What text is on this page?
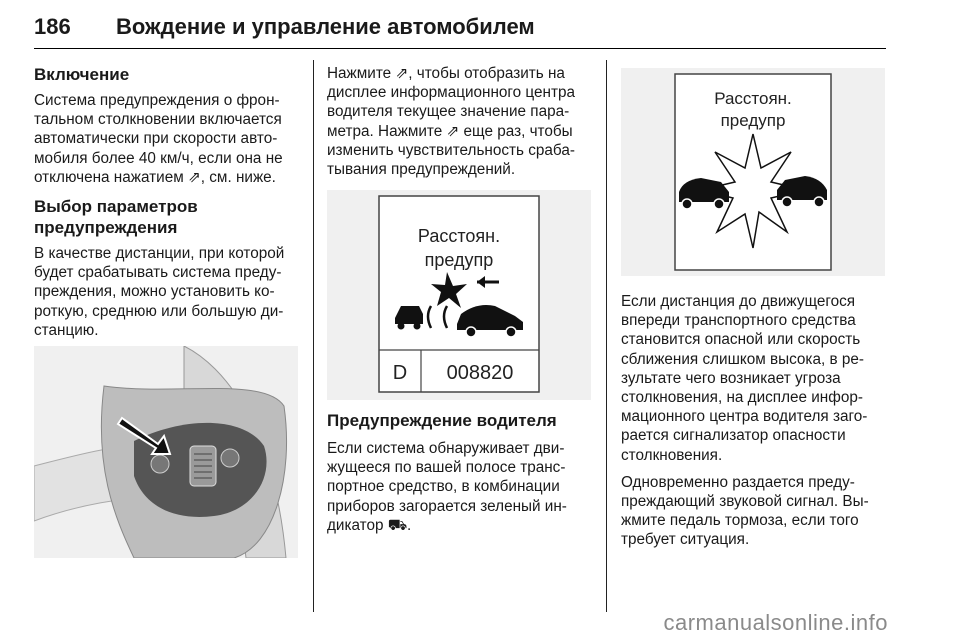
186 Вождение и управление автомобилем
Включение

Система предупреждения о фрон-
тальном столкновении включается
автоматически при скорости авто-
мобиля более 40 км/ч, если она не
отключена нажатием ⇗, см. ниже.

Выбор параметров
предупреждения

В качестве дистанции, при которой
будет срабатывать система преду-
преждения, можно установить ко-
роткую, среднюю или большую ди-
станцию.

Нажмите ⇗, чтобы отобразить на
дисплее информационного центра
водителя текущее значение пара-
метра. Нажмите ⇗ еще раз, чтобы
изменить чувствительность сраба-
тывания предупреждений.

Расстоян.
предупр
D 008820
Предупреждение водителя

Если система обнаруживает дви-
жущееся по вашей полосе транс-
портное средство, в комбинации
приборов загорается зеленый ин-
дикатор ⛟.

Расстоян.
предупр

Если дистанция до движущегося
впереди транспортного средства
становится опасной или скорость
сближения слишком высока, в ре-
зультате чего возникает угроза
столкновения, на дисплее инфор-
мационного центра водителя заго-
рается сигнализатор опасности
столкновения.

Одновременно раздается преду-
преждающий звуковой сигнал. Вы-
жмите педаль тормоза, если того
требует ситуация.

carmanualsonline.info
